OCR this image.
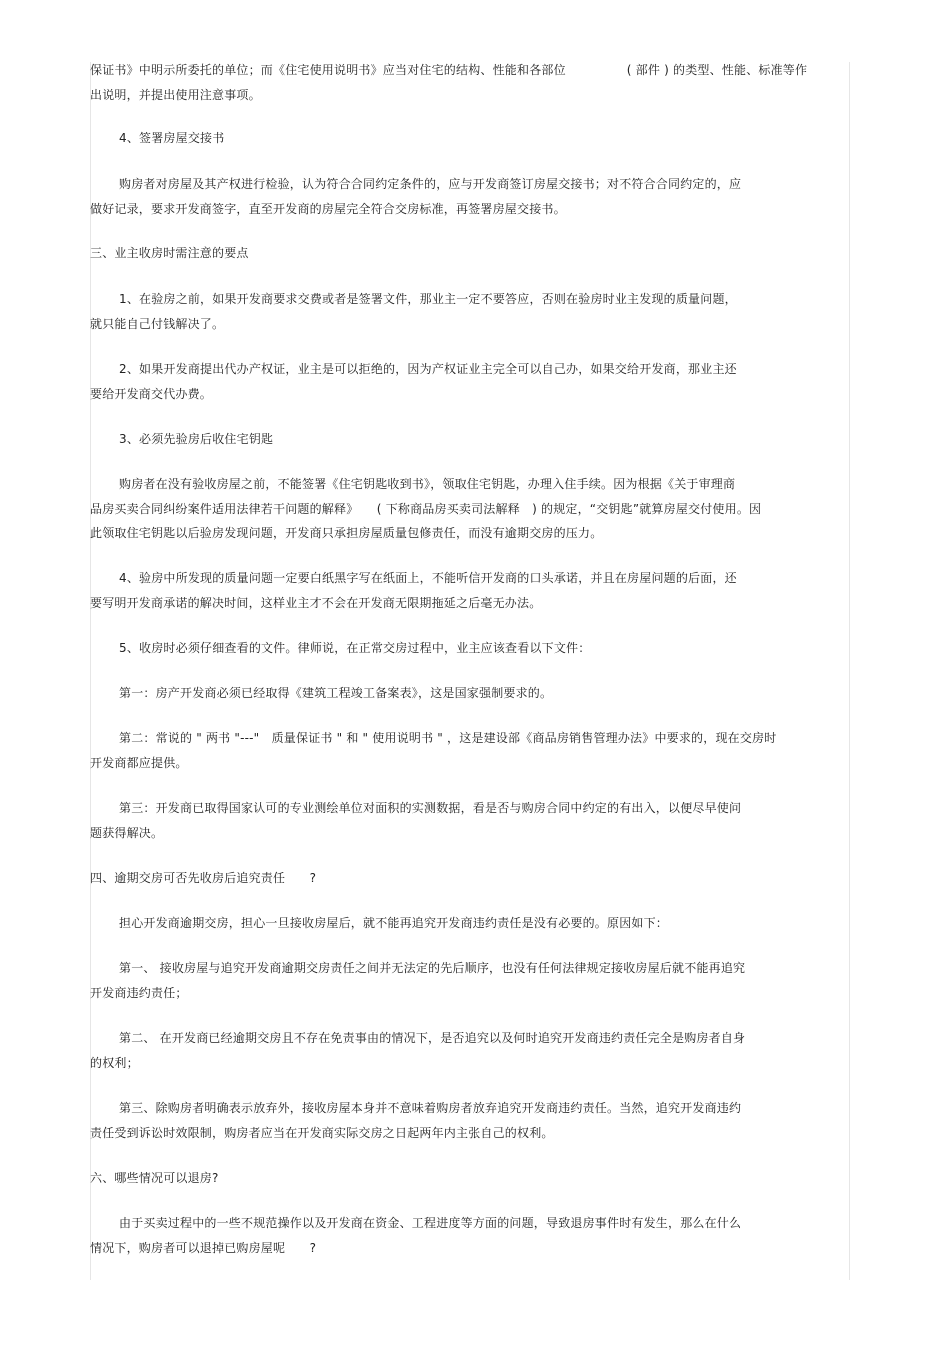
保证书》中明示所委托的单位；而《住宅使用说明书》应当对住宅的结构、性能和各部位　　　　　( 部件 ) 的类型、性能、标准等作
出说明，并提出使用注意事项。
4、签署房屋交接书
购房者对房屋及其产权进行检验，认为符合合同约定条件的，应与开发商签订房屋交接书；对不符合合同约定的，应
做好记录，要求开发商签字，直至开发商的房屋完全符合交房标准，再签署房屋交接书。
三、业主收房时需注意的要点
1、在验房之前，如果开发商要求交费或者是签署文件，那业主一定不要答应，否则在验房时业主发现的质量问题，
就只能自己付钱解决了。
2、如果开发商提出代办产权证，业主是可以拒绝的，因为产权证业主完全可以自己办，如果交给开发商，那业主还
要给开发商交代办费。
3、必须先验房后收住宅钥匙
购房者在没有验收房屋之前，不能签署《住宅钥匙收到书》，领取住宅钥匙，办理入住手续。因为根据《关于审理商
品房买卖合同纠纷案件适用法律若干问题的解释》　　( 下称商品房买卖司法解释　) 的规定，“交钥匙”就算房屋交付使用。因
此领取住宅钥匙以后验房发现问题，开发商只承担房屋质量包修责任，而没有逾期交房的压力。
4、验房中所发现的质量问题一定要白纸黑字写在纸面上，不能听信开发商的口头承诺，并且在房屋问题的后面，还
要写明开发商承诺的解决时间，这样业主才不会在开发商无限期拖延之后毫无办法。
5、收房时必须仔细查看的文件。律师说，在正常交房过程中，业主应该查看以下文件：
第一：房产开发商必须已经取得《建筑工程竣工备案表》，这是国家强制要求的。
第二：常说的 " 两书 "---"　质量保证书 " 和 " 使用说明书 " ，这是建设部《商品房销售管理办法》中要求的，现在交房时
开发商都应提供。
第三：开发商已取得国家认可的专业测绘单位对面积的实测数据，看是否与购房合同中约定的有出入，以便尽早使问
题获得解决。
四、逾期交房可否先收房后追究责任　　?
担心开发商逾期交房，担心一旦接收房屋后，就不能再追究开发商违约责任是没有必要的。原因如下：
第一、 接收房屋与追究开发商逾期交房责任之间并无法定的先后顺序，也没有任何法律规定接收房屋后就不能再追究
开发商违约责任；
第二、 在开发商已经逾期交房且不存在免责事由的情况下，是否追究以及何时追究开发商违约责任完全是购房者自身
的权利；
第三、除购房者明确表示放弃外，接收房屋本身并不意味着购房者放弃追究开发商违约责任。当然，追究开发商违约
责任受到诉讼时效限制，购房者应当在开发商实际交房之日起两年内主张自己的权利。
六、哪些情况可以退房?
由于买卖过程中的一些不规范操作以及开发商在资金、工程进度等方面的问题，导致退房事件时有发生，那么在什么
情况下，购房者可以退掉已购房屋呢　　?
